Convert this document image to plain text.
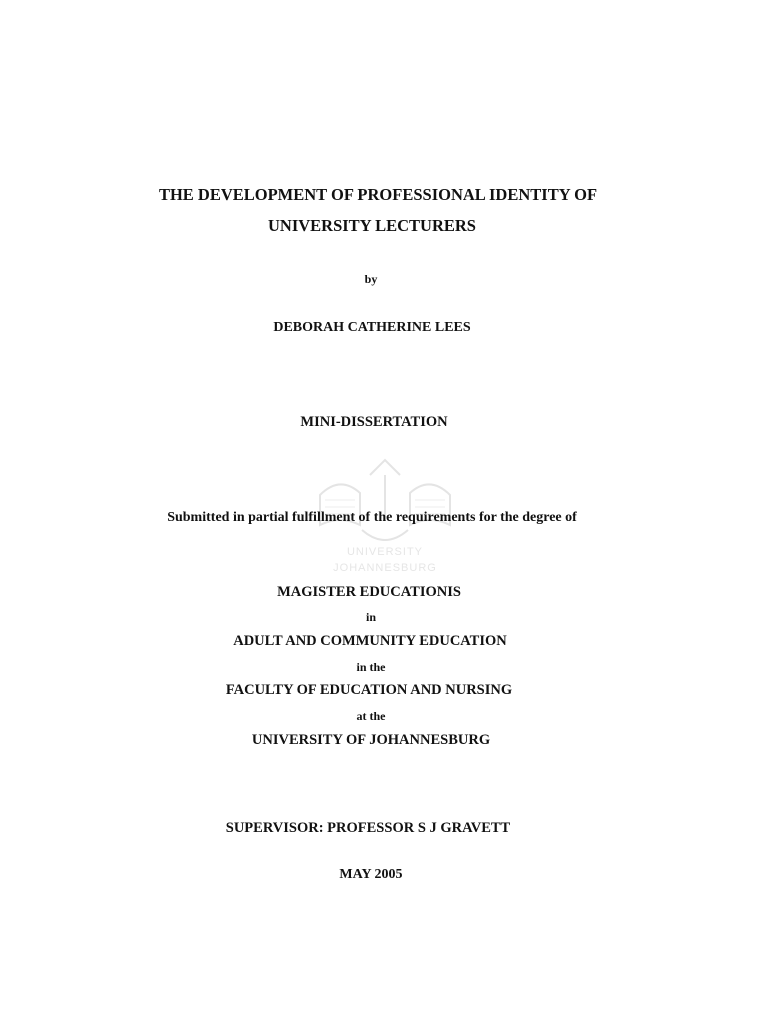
UNIVERSITY
JOHANNESBURG
THE DEVELOPMENT OF PROFESSIONAL IDENTITY OF
UNIVERSITY LECTURERS
by
DEBORAH CATHERINE LEES
MINI-DISSERTATION
Submitted in partial fulfillment of the requirements for the degree of
MAGISTER EDUCATIONIS
in
ADULT AND COMMUNITY EDUCATION
in the
FACULTY OF EDUCATION AND NURSING
at the
UNIVERSITY OF JOHANNESBURG
SUPERVISOR: PROFESSOR S J GRAVETT
MAY 2005
